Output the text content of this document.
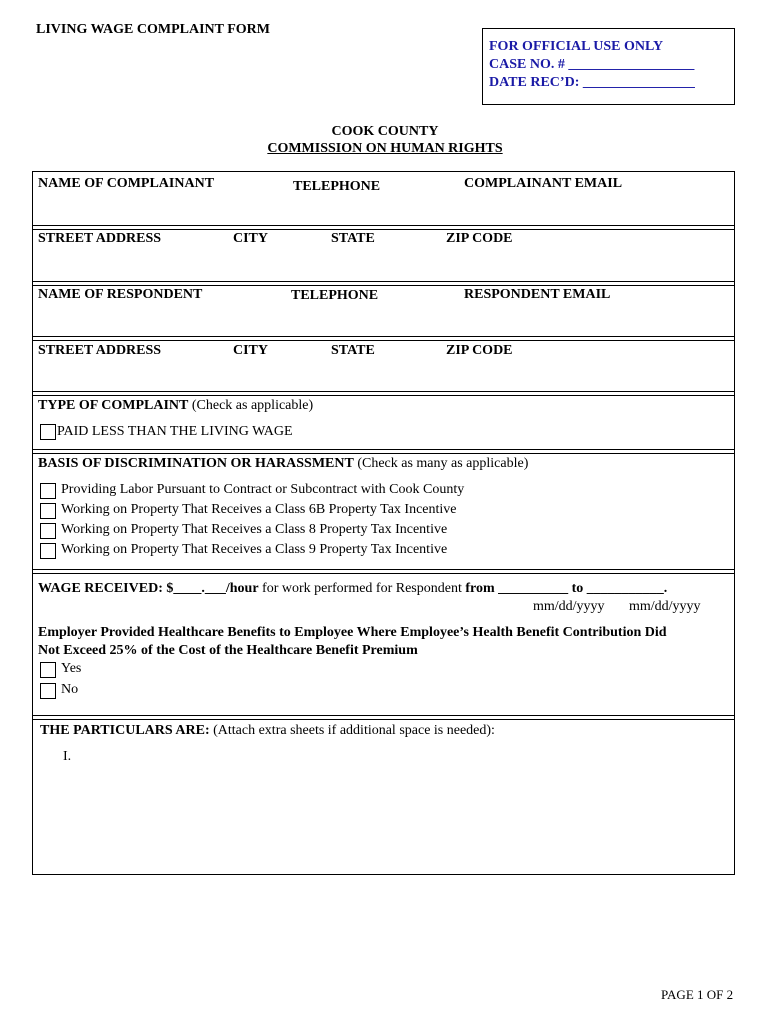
LIVING WAGE COMPLAINT FORM
FOR OFFICIAL USE ONLY
CASE NO. # __________________
DATE REC’D: ________________
COOK COUNTY
COMMISSION ON HUMAN RIGHTS
NAME OF COMPLAINANT	TELEPHONE	COMPLAINANT EMAIL
STREET ADDRESS	CITY	STATE	ZIP CODE
NAME OF RESPONDENT	TELEPHONE	RESPONDENT EMAIL
STREET ADDRESS	CITY	STATE	ZIP CODE
TYPE OF COMPLAINT (Check as applicable)
PAID LESS THAN THE LIVING WAGE
BASIS OF DISCRIMINATION OR HARASSMENT (Check as many as applicable)
Providing Labor Pursuant to Contract or Subcontract with Cook County
Working on Property That Receives a Class 6B Property Tax Incentive
Working on Property That Receives a Class 8 Property Tax Incentive
Working on Property That Receives a Class 9 Property Tax Incentive
WAGE RECEIVED: $____.___/hour for work performed for Respondent from __________ to ___________.
mm/dd/yyyy mm/dd/yyyy
Employer Provided Healthcare Benefits to Employee Where Employee’s Health Benefit Contribution Did
Not Exceed 25% of the Cost of the Healthcare Benefit Premium
Yes
No
THE PARTICULARS ARE: (Attach extra sheets if additional space is needed):
I.
PAGE 1 OF 2
